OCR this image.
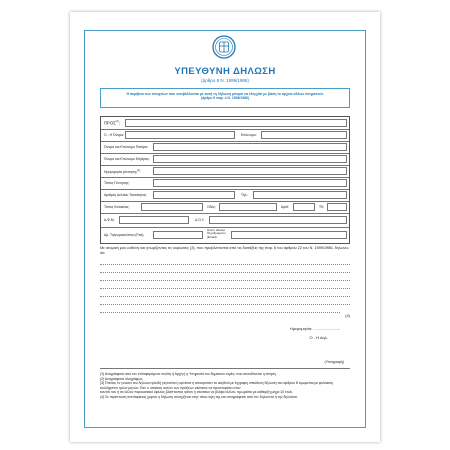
ΥΠΕΥΘΥΝΗ ΔΗΛΩΣΗ
(άρθρο 8 Ν. 1599/1986)
Η ακρίβεια των στοιχείων που υποβάλλονται με αυτή τη δήλωση μπορεί να ελεγχθεί με βάση το αρχείο άλλων υπηρεσιών
(άρθρο 8 παρ. 4 Ν. 1599/1986)
ΠΡΟΣ$^{(1)}$:
Ο - Η Όνομα:	Επώνυμο:
Όνομα και Επώνυμο Πατέρα:
Όνομα και Επώνυμο Μητέρας:
Ημερομηνία γέννησης$^{(2)}$:
Τόπος Γέννησης:
Αριθμός Δελτίου Ταυτότητας:	Τηλ.:
Τόπος Κατοικίας:	Οδός:	Αριθ:	ΤΚ:
Α.Φ.Μ.	Δ.Ο.Υ.
Αρ. Τηλεομοιοτύπου (Fax):
Δ/νση Ηλεκτρ.
Ταχυδρομείου
(Email):
Με ατομική μου ευθύνη και γνωρίζοντας τις κυρώσεις (3), που προβλέπονται από τις διατάξεις της παρ. 6 του άρθρου 22 του Ν. 1599/1986, δηλώνω ότι:
(4)
Ημερομηνία: ........................
Ο - Η Δηλ.
(Υπογραφή)
(1) Αναγράφεται από τον ενδιαφερόμενο πολίτη ή Αρχή ή η Υπηρεσία του δημόσιου τομέα, που απευθύνεται η αίτηση.
(2) Αναγράφεται ολογράφως.
(3) Όποιος εν γνώσει του δηλώνει ψευδή γεγονότα ή αρνείται ή αποκρύπτει τα αληθινά με έγγραφη υπεύθυνη δήλωση του άρθρου 8 τιμωρείται με φυλάκιση τουλάχιστον τριών μηνών. Εάν ο υπαίτιος αυτών των πράξεων σκόπευε να προσπορίσει στον
εαυτόν του ή σε άλλον περιουσιακό όφελος βλάπτοντας τρίτον ή σκόπευε να βλάψει άλλον, τιμωρείται με κάθειρξη μέχρι 10 ετών.
(4) Σε περίπτωση ανεπάρκειας χώρου η δήλωση συνεχίζεται στην πίσω όψη της και υπογράφεται από τον δηλούντα ή την δηλούσα.
